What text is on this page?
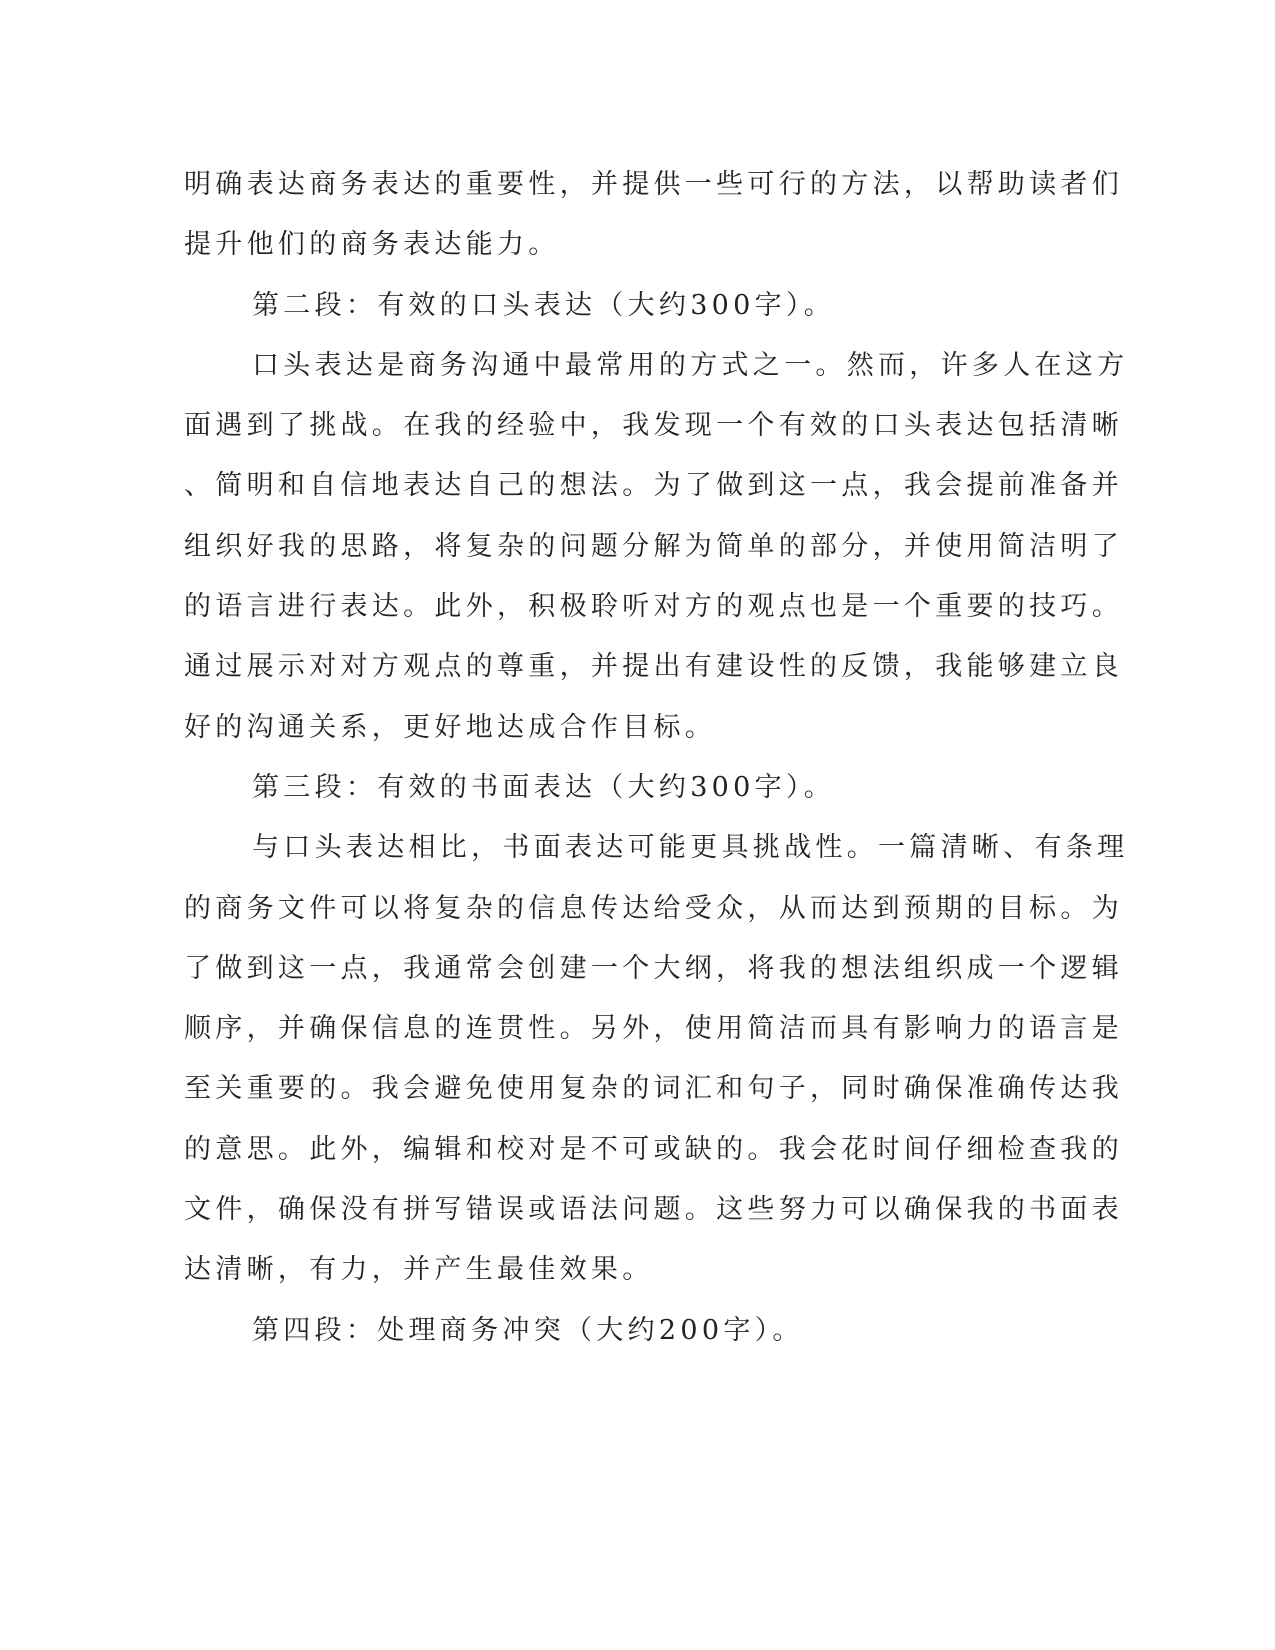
明确表达商务表达的重要性，并提供一些可行的方法，以帮助读者们
提升他们的商务表达能力。
第二段：有效的口头表达（大约300字）。
口头表达是商务沟通中最常用的方式之一。然而，许多人在这方
面遇到了挑战。在我的经验中，我发现一个有效的口头表达包括清晰
、简明和自信地表达自己的想法。为了做到这一点，我会提前准备并
组织好我的思路，将复杂的问题分解为简单的部分，并使用简洁明了
的语言进行表达。此外，积极聆听对方的观点也是一个重要的技巧。
通过展示对对方观点的尊重，并提出有建设性的反馈，我能够建立良
好的沟通关系，更好地达成合作目标。
第三段：有效的书面表达（大约300字）。
与口头表达相比，书面表达可能更具挑战性。一篇清晰、有条理
的商务文件可以将复杂的信息传达给受众，从而达到预期的目标。为
了做到这一点，我通常会创建一个大纲，将我的想法组织成一个逻辑
顺序，并确保信息的连贯性。另外，使用简洁而具有影响力的语言是
至关重要的。我会避免使用复杂的词汇和句子，同时确保准确传达我
的意思。此外，编辑和校对是不可或缺的。我会花时间仔细检查我的
文件，确保没有拼写错误或语法问题。这些努力可以确保我的书面表
达清晰，有力，并产生最佳效果。
第四段：处理商务冲突（大约200字）。
